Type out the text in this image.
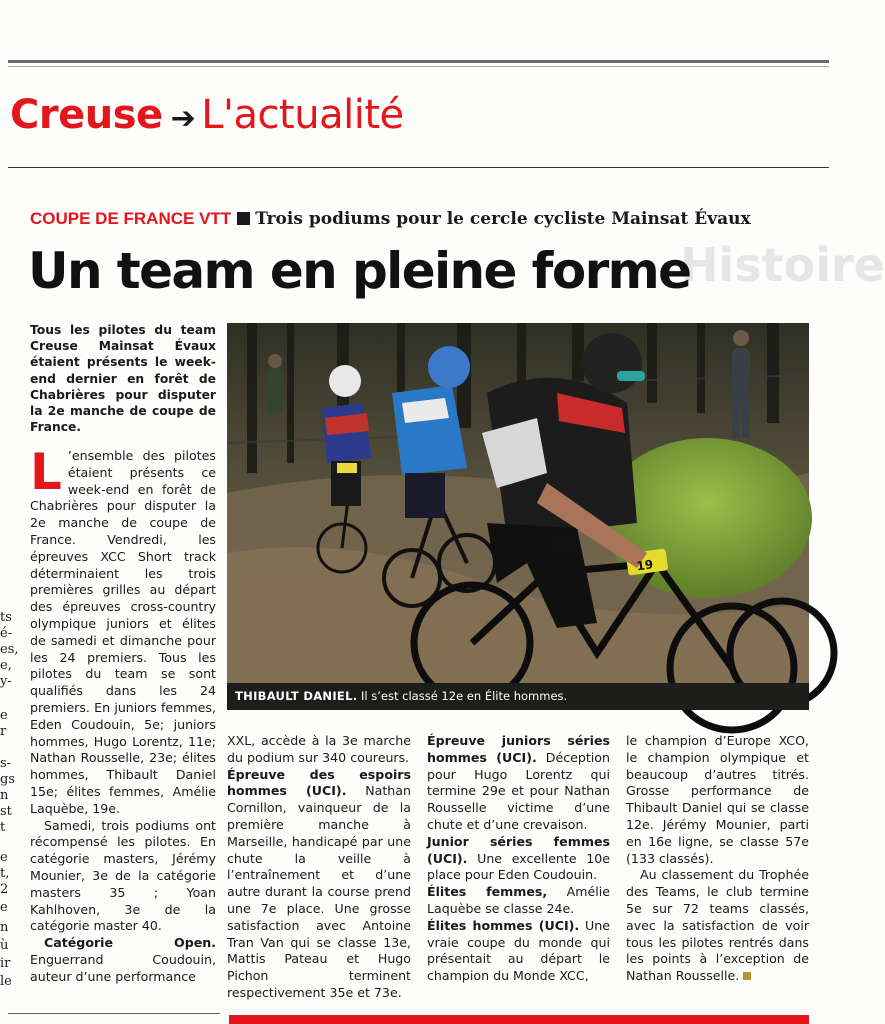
Creuse ➔ L'actualité
Histoire
COUPE DE FRANCE VTT Trois podiums pour le cercle cycliste Mainsat Évaux
Un team en pleine forme
ts
é-
es,
e,
y-
e
r
s-
gs
n
st
t
e
t,
2
e
n
ù
ir
le
Tous les pilotes du team Creuse Mainsat Évaux étaient présents le week-end dernier en forêt de Chabrières pour disputer la 2e manche de coupe de France.

L ’ensemble des pilotes étaient présents ce week-end en forêt de Chabrières pour disputer la 2e manche de coupe de France. Vendredi, les épreuves XCC Short track déterminaient les trois premières grilles au départ des épreuves cross-country olympique juniors et élites de samedi et dimanche pour les 24 premiers. Tous les pilotes du team se sont qualifiés dans les 24 premiers. En juniors femmes, Eden Coudouin, 5e; juniors hommes, Hugo Lorentz, 11e; Nathan Rousselle, 23e; élites hommes, Thibault Daniel 15e; élites femmes, Amélie Laquèbe, 19e.

Samedi, trois podiums ont récompensé les pilotes. En catégorie masters, Jérémy Mounier, 3e de la catégorie masters 35 ; Yoan Kahlhoven, 3e de la catégorie master 40.

Catégorie Open. Enguerrand Coudouin, auteur d’une performance

19
THIBAULT DANIEL. Il s’est classé 12e en Élite hommes.

XXL, accède à la 3e marche du podium sur 340 coureurs.

Épreuve des espoirs hommes (UCI). Nathan Cornillon, vainqueur de la première manche à Marseille, handicapé par une chute la veille à l’entraînement et d’une autre durant la course prend une 7e place. Une grosse satisfaction avec Antoine Tran Van qui se classe 13e, Mattis Pateau et Hugo Pichon terminent respectivement 35e et 73e.

Épreuve juniors séries hommes (UCI). Déception pour Hugo Lorentz qui termine 29e et pour Nathan Rousselle victime d’une chute et d’une crevaison.

Junior séries femmes (UCI). Une excellente 10e place pour Eden Coudouin.

Élites femmes, Amélie Laquèbe se classe 24e.

Élites hommes (UCI). Une vraie coupe du monde qui présentait au départ le champion du Monde XCC,

le champion d’Europe XCO, le champion olympique et beaucoup d’autres titrés. Grosse performance de Thibault Daniel qui se classe 12e. Jérémy Mounier, parti en 16e ligne, se classe 57e (133 classés).

Au classement du Trophée des Teams, le club termine 5e sur 72 teams classés, avec la satisfaction de voir tous les pilotes rentrés dans les points à l’exception de Nathan Rousselle.
